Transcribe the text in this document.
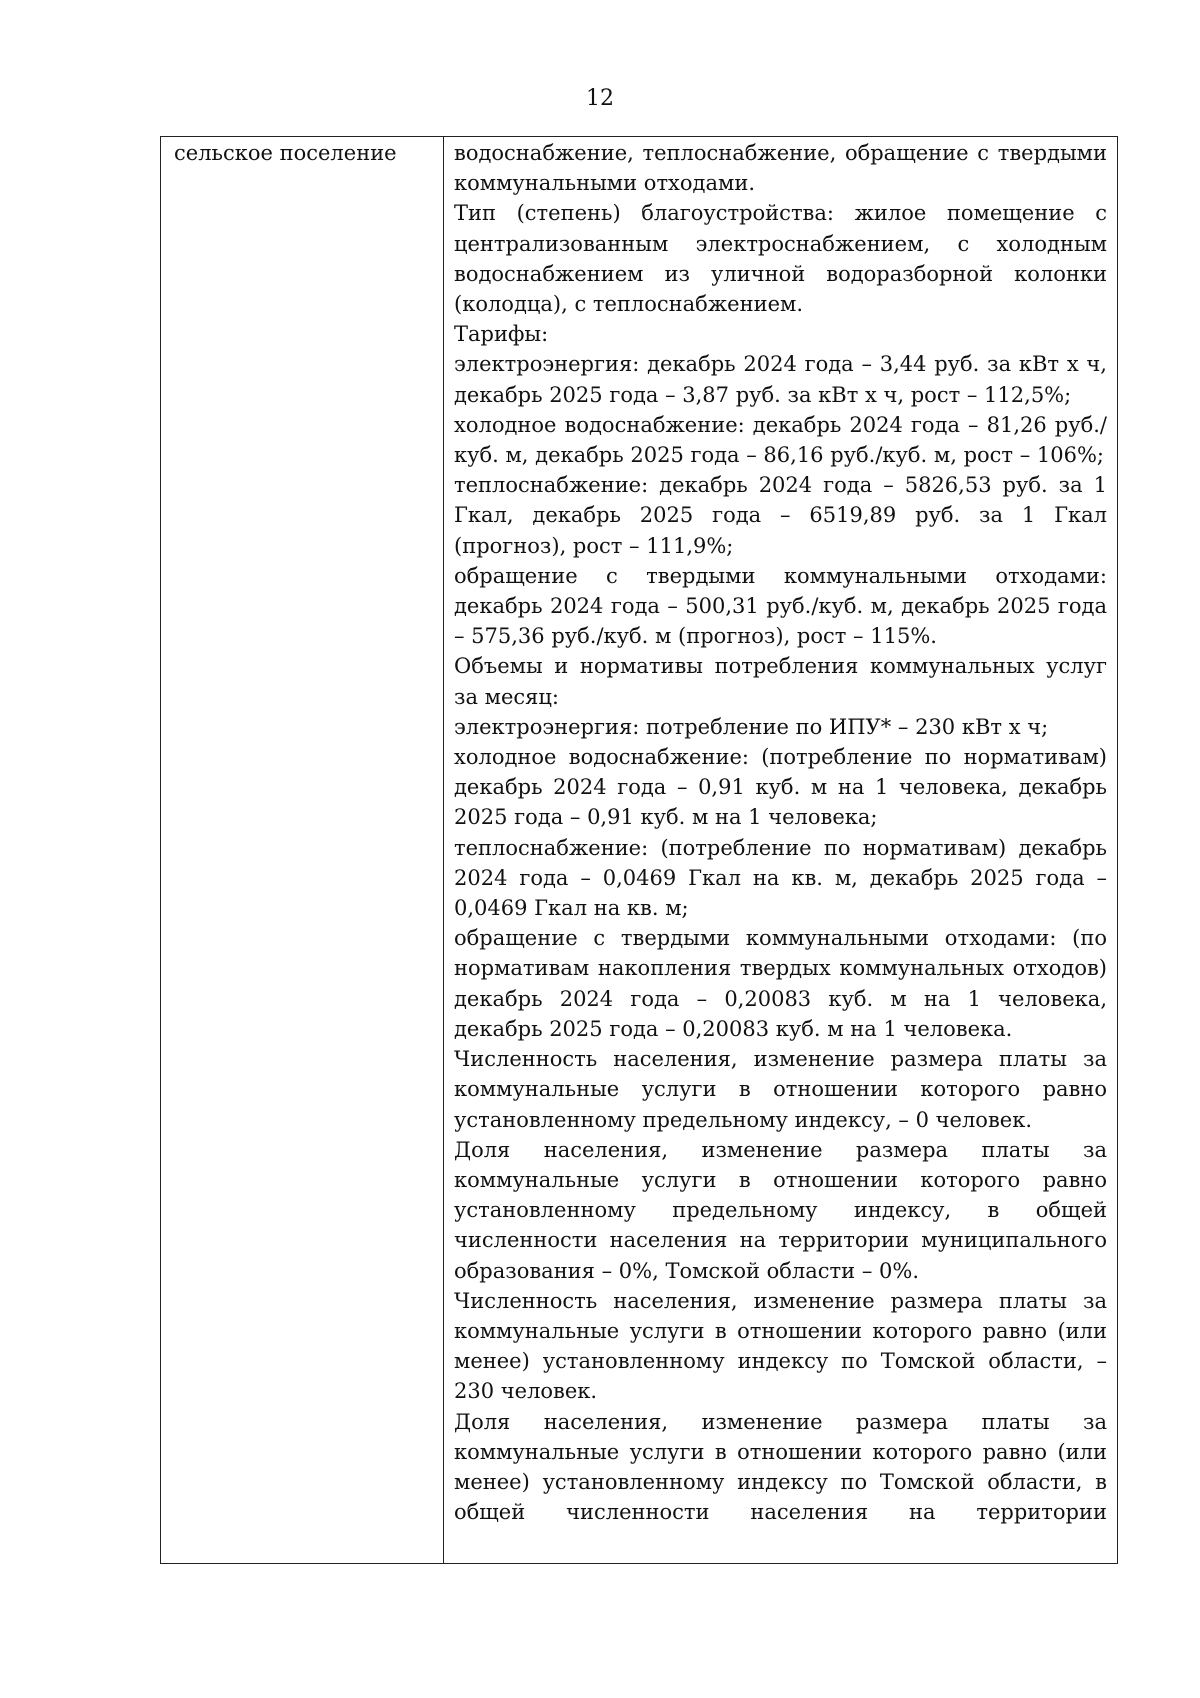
12
сельское поселение	водоснабжение, теплоснабжение, обращение с твердыми коммунальными отходами.

Тип (степень) благоустройства: жилое помещение с централизованным электроснабжением, с холодным водоснабжением из уличной водоразборной колонки (колодца), с теплоснабжением.

Тарифы:

электроэнергия: декабрь 2024 года – 3,44 руб. за кВт х ч, декабрь 2025 года – 3,87 руб. за кВт х ч, рост – 112,5%;

холодное водоснабжение: декабрь 2024 года – 81,26 руб./куб. м, декабрь 2025 года – 86,16 руб./куб. м, рост – 106%;

теплоснабжение: декабрь 2024 года – 5826,53 руб. за 1 Гкал, декабрь 2025 года – 6519,89 руб. за 1 Гкал (прогноз), рост – 111,9%;

обращение с твердыми коммунальными отходами: декабрь 2024 года – 500,31 руб./куб. м, декабрь 2025 года – 575,36 руб./куб. м (прогноз), рост – 115%.

Объемы и нормативы потребления коммунальных услуг за месяц:

электроэнергия: потребление по ИПУ* – 230 кВт х ч;

холодное водоснабжение: (потребление по нормативам) декабрь 2024 года – 0,91 куб. м на 1 человека, декабрь 2025 года – 0,91 куб. м на 1 человека;

теплоснабжение: (потребление по нормативам) декабрь 2024 года – 0,0469 Гкал на кв. м, декабрь 2025 года – 0,0469 Гкал на кв. м;

обращение с твердыми коммунальными отходами: (по нормативам накопления твердых коммунальных отходов) декабрь 2024 года – 0,20083 куб. м на 1 человека, декабрь 2025 года – 0,20083 куб. м на 1 человека.

Численность населения, изменение размера платы за коммунальные услуги в отношении которого равно установленному предельному индексу, – 0 человек.

Доля населения, изменение размера платы за коммунальные услуги в отношении которого равно установленному предельному индексу, в общей численности населения на территории муниципального образования – 0%, Томской области – 0%.

Численность населения, изменение размера платы за коммунальные услуги в отношении которого равно (или менее) установленному индексу по Томской области, – 230 человек.

Доля населения, изменение размера платы за коммунальные услуги в отношении которого равно (или менее) установленному индексу по Томской области, в общей численности населения на территории
